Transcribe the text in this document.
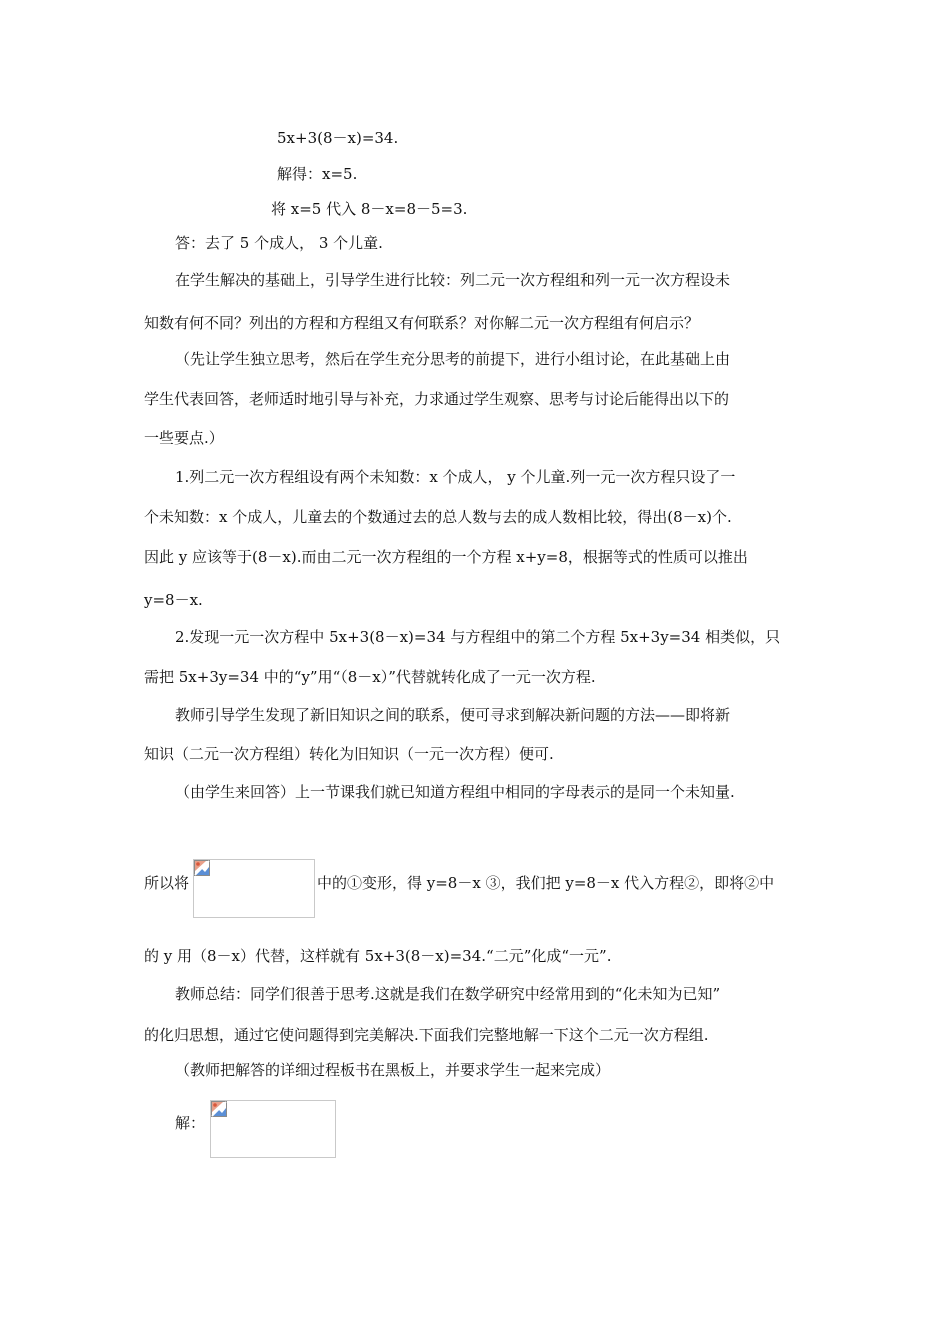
5x+3(8－x)=34.
解得：x=5.
将 x=5 代入 8－x=8－5=3.
答：去了 5 个成人， 3 个儿童.
在学生解决的基础上，引导学生进行比较：列二元一次方程组和列一元一次方程设未
知数有何不同？列出的方程和方程组又有何联系？对你解二元一次方程组有何启示？
（先让学生独立思考，然后在学生充分思考的前提下，进行小组讨论，在此基础上由
学生代表回答，老师适时地引导与补充，力求通过学生观察、思考与讨论后能得出以下的
一些要点.）
1.列二元一次方程组设有两个未知数：x 个成人， y 个儿童.列一元一次方程只设了一
个未知数：x 个成人，儿童去的个数通过去的总人数与去的成人数相比较，得出(8－x)个.
因此 y 应该等于(8－x).而由二元一次方程组的一个方程 x+y=8，根据等式的性质可以推出
y=8－x.
2.发现一元一次方程中 5x+3(8－x)=34 与方程组中的第二个方程 5x+3y=34 相类似，只
需把 5x+3y=34 中的“y”用“（8－x）”代替就转化成了一元一次方程.
教师引导学生发现了新旧知识之间的联系，便可寻求到解决新问题的方法——即将新
知识（二元一次方程组）转化为旧知识（一元一次方程）便可.
（由学生来回答）上一节课我们就已知道方程组中相同的字母表示的是同一个未知量.
所以将	中的①变形，得 y=8－x ③，我们把 y=8－x 代入方程②，即将②中
的 y 用（8－x）代替，这样就有 5x+3(8－x)=34.“二元”化成“一元”.
教师总结：同学们很善于思考.这就是我们在数学研究中经常用到的“化未知为已知”
的化归思想，通过它使问题得到完美解决.下面我们完整地解一下这个二元一次方程组.
（教师把解答的详细过程板书在黑板上，并要求学生一起来完成）
解：
